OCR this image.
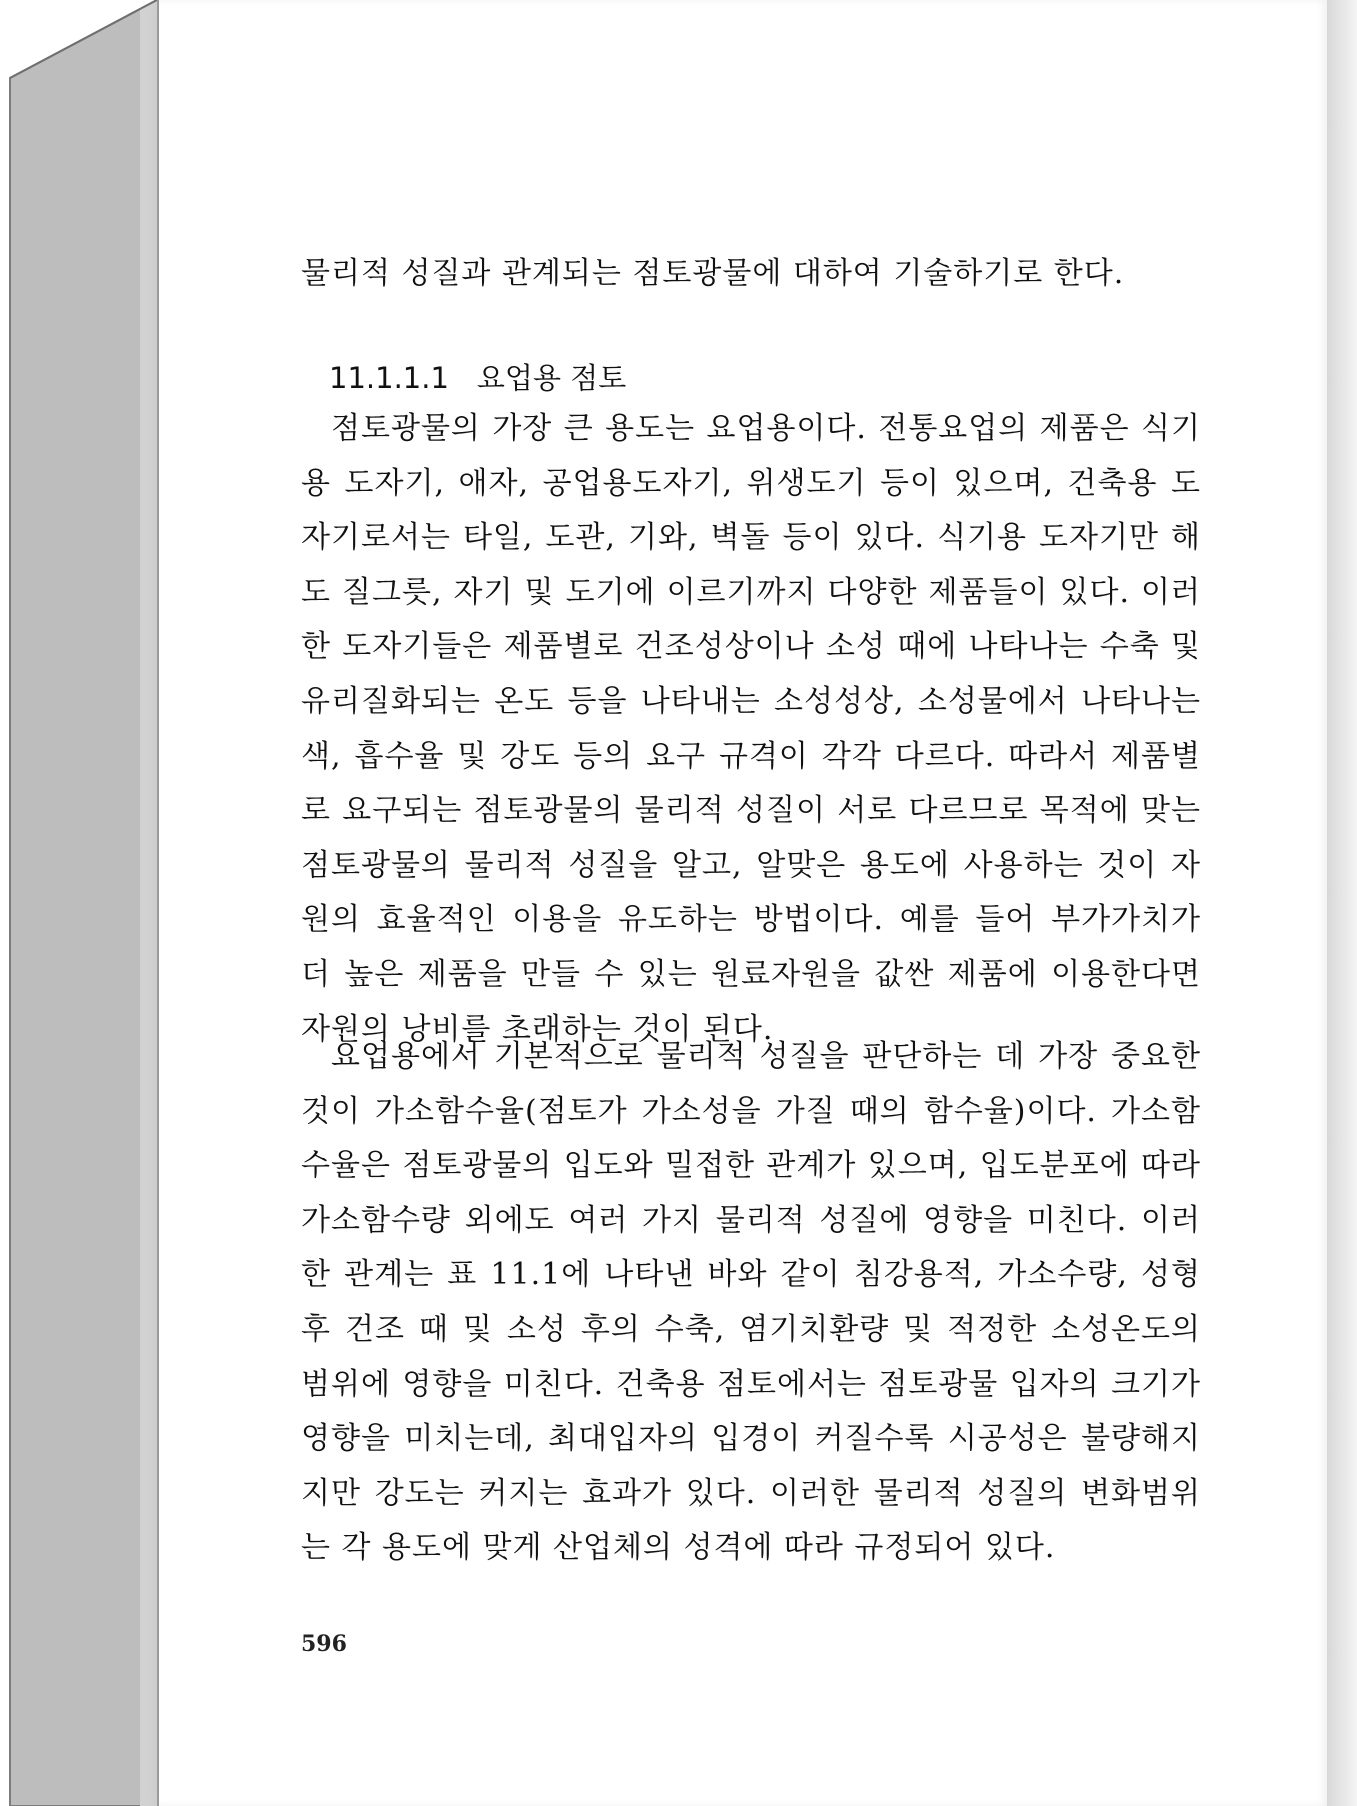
물리적 성질과 관계되는 점토광물에 대하여 기술하기로 한다.
11.1.1.1 요업용 점토

점토광물의 가장 큰 용도는 요업용이다. 전통요업의 제품은 식기용 도자기, 애자, 공업용도자기, 위생도기 등이 있으며, 건축용 도자기로서는 타일, 도관, 기와, 벽돌 등이 있다. 식기용 도자기만 해도 질그릇, 자기 및 도기에 이르기까지 다양한 제품들이 있다. 이러한 도자기들은 제품별로 건조성상이나 소성 때에 나타나는 수축 및 유리질화되는 온도 등을 나타내는 소성성상, 소성물에서 나타나는 색, 흡수율 및 강도 등의 요구 규격이 각각 다르다. 따라서 제품별로 요구되는 점토광물의 물리적 성질이 서로 다르므로 목적에 맞는 점토광물의 물리적 성질을 알고, 알맞은 용도에 사용하는 것이 자원의 효율적인 이용을 유도하는 방법이다. 예를 들어 부가가치가 더 높은 제품을 만들 수 있는 원료자원을 값싼 제품에 이용한다면 자원의 낭비를 초래하는 것이 된다.

요업용에서 기본적으로 물리적 성질을 판단하는 데 가장 중요한 것이 가소함수율(점토가 가소성을 가질 때의 함수율)이다. 가소함수율은 점토광물의 입도와 밀접한 관계가 있으며, 입도분포에 따라 가소함수량 외에도 여러 가지 물리적 성질에 영향을 미친다. 이러한 관계는 표 11.1에 나타낸 바와 같이 침강용적, 가소수량, 성형 후 건조 때 및 소성 후의 수축, 염기치환량 및 적정한 소성온도의 범위에 영향을 미친다. 건축용 점토에서는 점토광물 입자의 크기가 영향을 미치는데, 최대입자의 입경이 커질수록 시공성은 불량해지지만 강도는 커지는 효과가 있다. 이러한 물리적 성질의 변화범위는 각 용도에 맞게 산업체의 성격에 따라 규정되어 있다.

596
